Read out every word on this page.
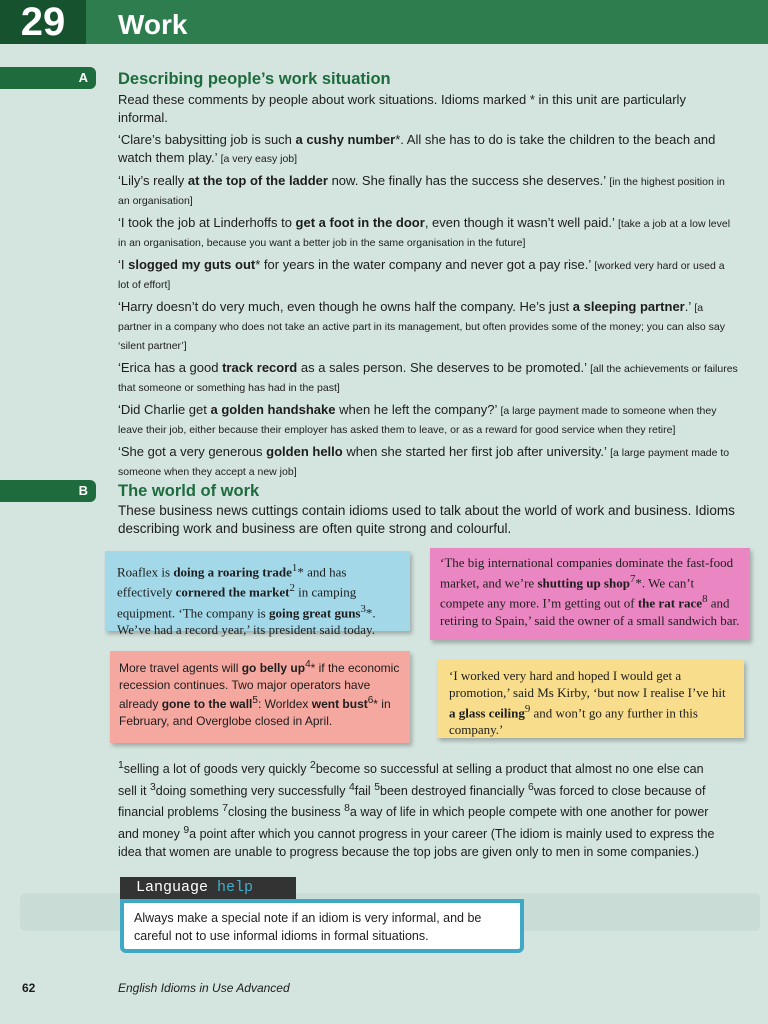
29	Work
A Describing people’s work situation

Read these comments by people about work situations. Idioms marked * in this unit are particularly informal.

‘Clare’s babysitting job is such a cushy number*. All she has to do is take the children to the beach and watch them play.’ [a very easy job]

‘Lily’s really at the top of the ladder now. She finally has the success she deserves.’ [in the highest position in an organisation]

‘I took the job at Linderhoffs to get a foot in the door, even though it wasn’t well paid.’ [take a job at a low level in an organisation, because you want a better job in the same organisation in the future]

‘I slogged my guts out* for years in the water company and never got a pay rise.’ [worked very hard or used a lot of effort]

‘Harry doesn’t do very much, even though he owns half the company. He’s just a sleeping partner.’ [a partner in a company who does not take an active part in its management, but often provides some of the money; you can also say ‘silent partner’]

‘Erica has a good track record as a sales person. She deserves to be promoted.’ [all the achievements or failures that someone or something has had in the past]

‘Did Charlie get a golden handshake when he left the company?’ [a large payment made to someone when they leave their job, either because their employer has asked them to leave, or as a reward for good service when they retire]

‘She got a very generous golden hello when she started her first job after university.’ [a large payment made to someone when they accept a new job]

B The world of work
These business news cuttings contain idioms used to talk about the world of work and business. Idioms describing work and business are often quite strong and colourful.
Roaflex is doing a roaring trade$^1$* and has effectively cornered the market$^2$ in camping equipment. ‘The company is going great guns$^3$*. We’ve had a record year,’ its president said today.
‘The big international companies dominate the fast-food market, and we’re shutting up shop$^7$*. We can’t compete any more. I’m getting out of the rat race$^8$ and retiring to Spain,’ said the owner of a small sandwich bar.
More travel agents will go belly $up^4*$ if the economic recession continues. Two major operators have already gone to the wall$^5$: Worldex went bust$^6$* in February, and Overglobe closed in April.
‘I worked very hard and hoped I would get a promotion,’ said Ms Kirby, ‘but now I realise I’ve hit a glass ceiling$^9$ and won’t go any further in this company.’
$^1$selling a lot of goods very quickly $^2$become so successful at selling a product that almost no one else can sell it $^3$doing something very successfully $^4$fail $^5$been destroyed financially $^6$was forced to close because of financial problems $^7$closing the business $^8$a way of life in which people compete with one another for power and money $^9$a point after which you cannot progress in your career (The idiom is mainly used to express the idea that women are unable to progress because the top jobs are given only to men in some companies.)
Language help
Always make a special note if an idiom is very informal, and be careful not to use informal idioms in formal situations.
62	English Idioms in Use Advanced
